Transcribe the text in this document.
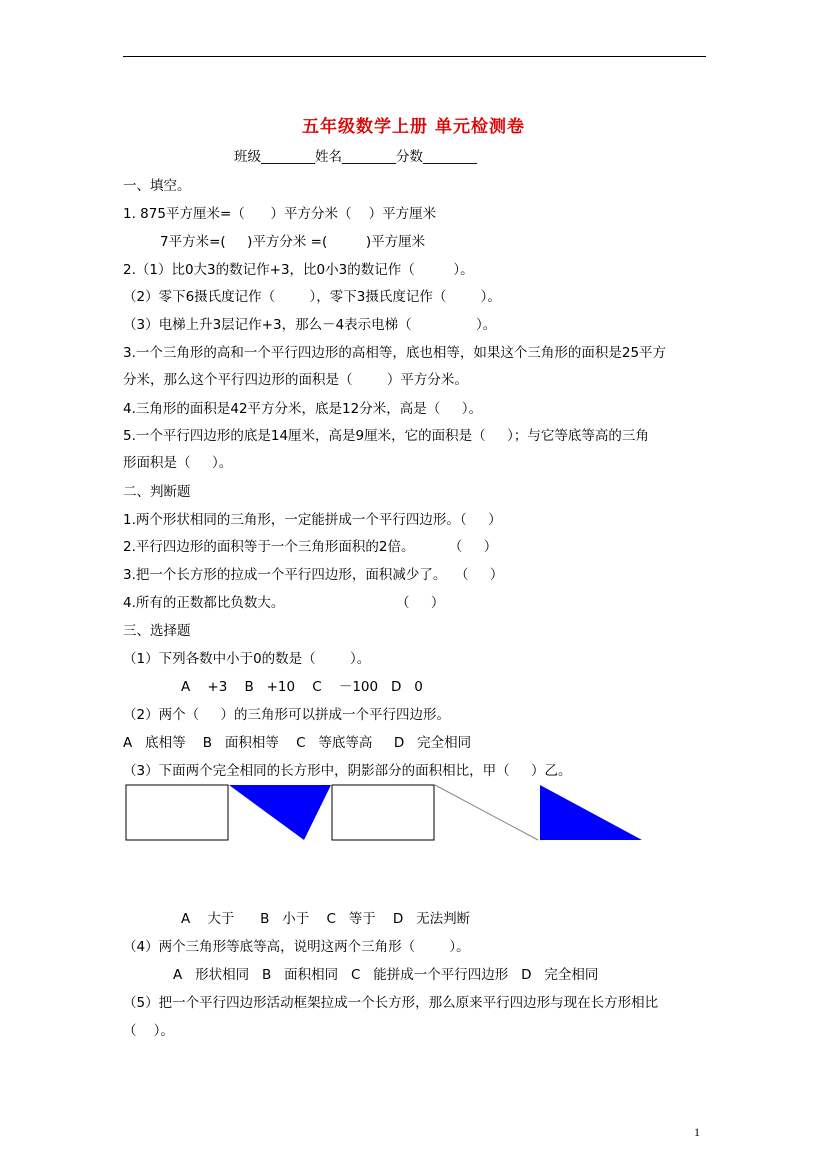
五年级数学上册 单元检测卷
班级________姓名________分数________
一、填空。
1. 875平方厘米=（      ）平方分米（    ）平方厘米
7平方米=(     )平方分米 =(         )平方厘米
2.（1）比0大3的数记作+3，比0小3的数记作（         ）。
（2）零下6摄氏度记作（        ），零下3摄氏度记作（        ）。
（3）电梯上升3层记作+3，那么－4表示电梯（               ）。
3.一个三角形的高和一个平行四边形的高相等，底也相等，如果这个三角形的面积是25平方
分米，那么这个平行四边形的面积是（        ）平方分米。
4.三角形的面积是42平方分米，底是12分米，高是（     ）。
5.一个平行四边形的底是14厘米，高是9厘米，它的面积是（     ）；与它等底等高的三角
形面积是（     ）。
二、判断题
1.两个形状相同的三角形，一定能拼成一个平行四边形。（     ）
2.平行四边形的面积等于一个三角形面积的2倍。        （     ）
3.把一个长方形的拉成一个平行四边形，面积减少了。  （     ）
4.所有的正数都比负数大。                          （     ）
三、选择题
（1）下列各数中小于0的数是（        ）。
A    +3    B   +10    C    －100   D   0
（2）两个（     ）的三角形可以拼成一个平行四边形。
A   底相等    B   面积相等    C   等底等高     D   完全相同
（3）下面两个完全相同的长方形中，阴影部分的面积相比，甲（     ）乙。
A    大于      B   小于    C   等于    D   无法判断
（4）两个三角形等底等高，说明这两个三角形（        ）。
A   形状相同   B   面积相同   C   能拼成一个平行四边形   D   完全相同
（5）把一个平行四边形活动框架拉成一个长方形，那么原来平行四边形与现在长方形相比
（    ）。
1
